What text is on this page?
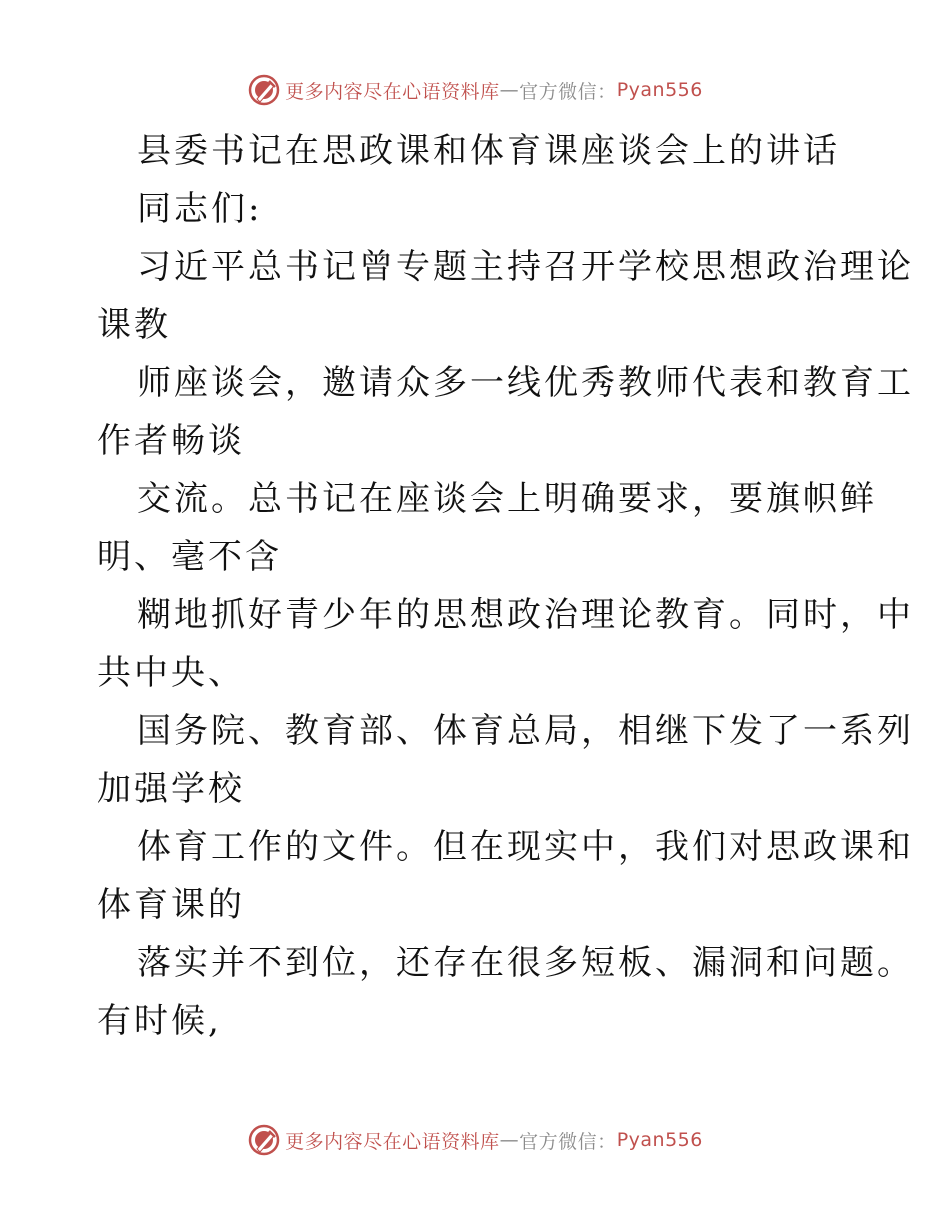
更多内容尽在心语资料库 — 官方微信： Pyan556
县委书记在思政课和体育课座谈会上的讲话
同志们:
习近平总书记曾专题主持召开学校思想政治理论
课教
师座谈会，邀请众多一线优秀教师代表和教育工
作者畅谈
交流。总书记在座谈会上明确要求，要旗帜鲜
明、毫不含
糊地抓好青少年的思想政治理论教育。同时，中
共中央、
国务院、教育部、体育总局，相继下发了一系列
加强学校
体育工作的文件。但在现实中，我们对思政课和
体育课的
落实并不到位，还存在很多短板、漏洞和问题。
有时候,
更多内容尽在心语资料库 — 官方微信： Pyan556
